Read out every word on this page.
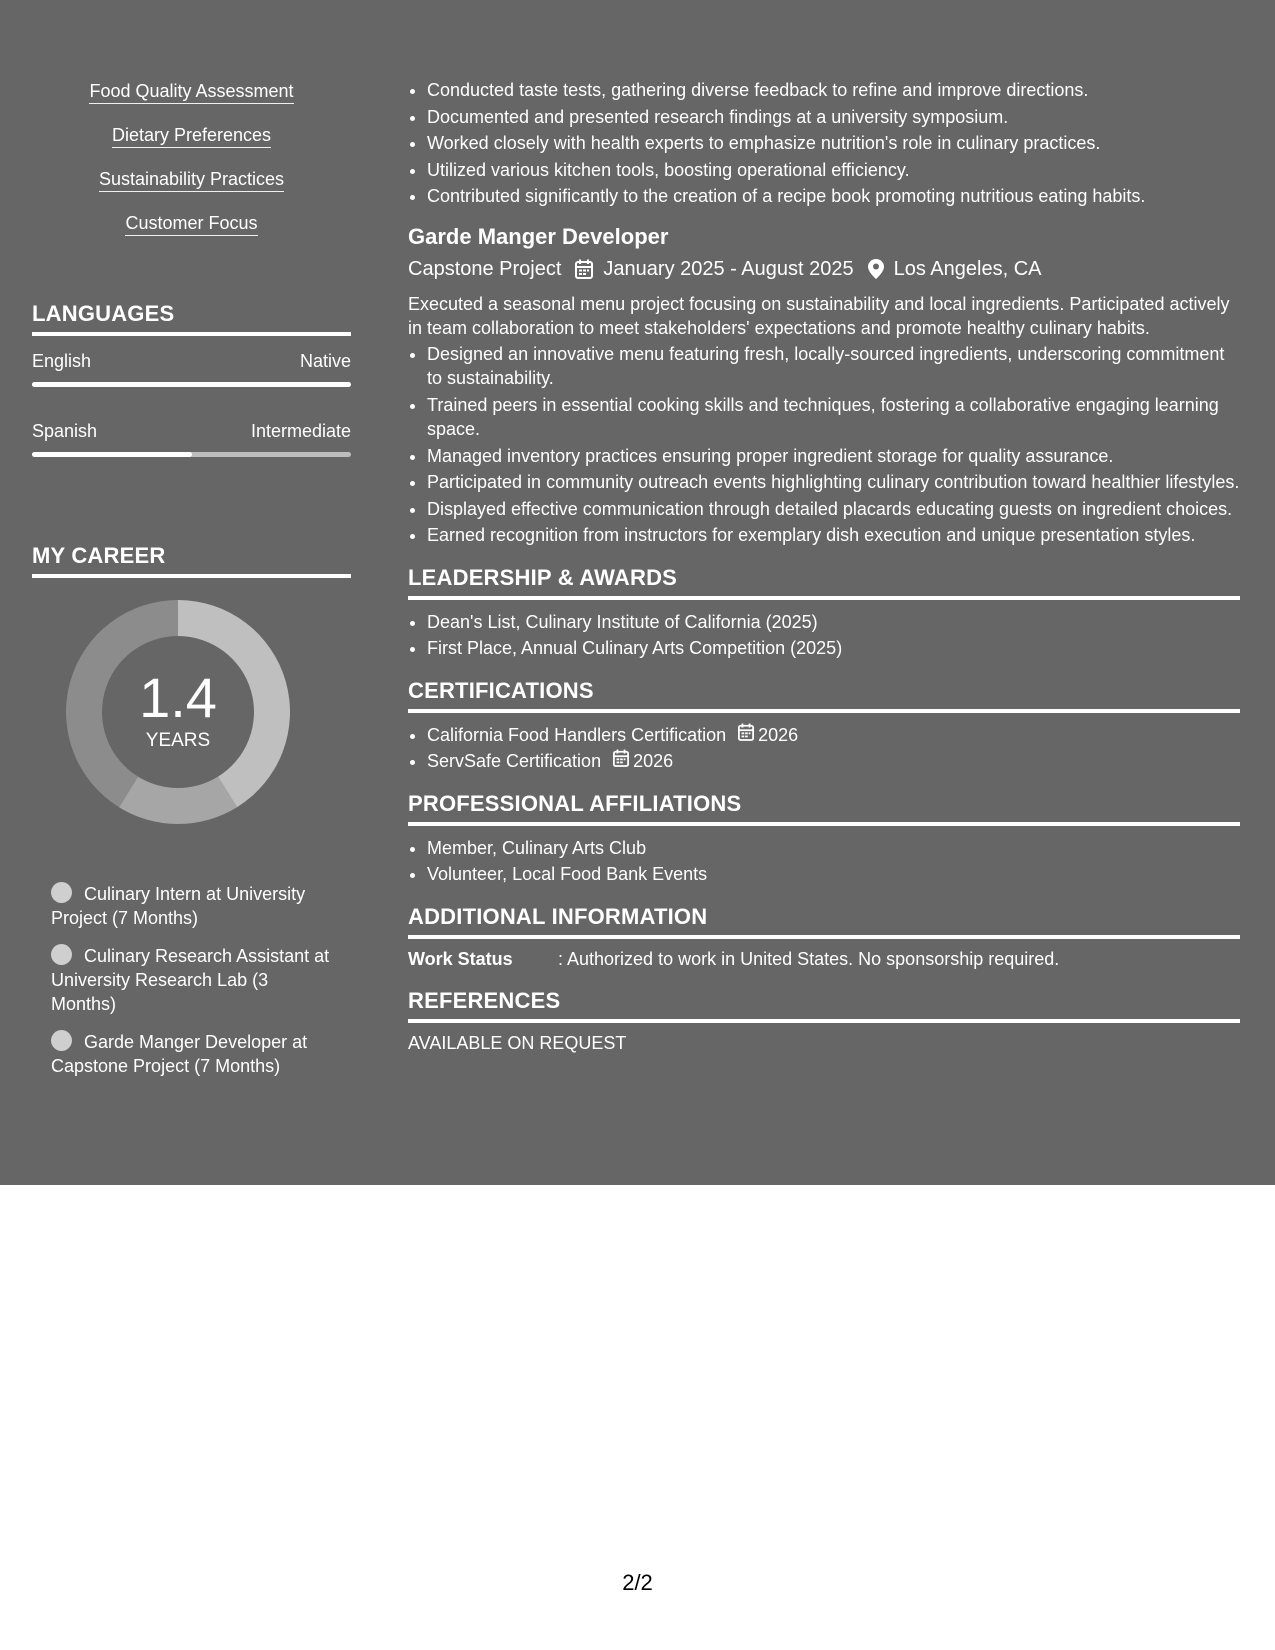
Food Quality Assessment
Dietary Preferences
Sustainability Practices
Customer Focus
LANGUAGES
English	Native
Spanish	Intermediate
MY CAREER
1.4
YEARS
Culinary Intern at University Project (7 Months)
Culinary Research Assistant at University Research Lab (3 Months)
Garde Manger Developer at Capstone Project (7 Months)
• Conducted taste tests, gathering diverse feedback to refine and improve directions.
• Documented and presented research findings at a university symposium.
• Worked closely with health experts to emphasize nutrition's role in culinary practices.
• Utilized various kitchen tools, boosting operational efficiency.
• Contributed significantly to the creation of a recipe book promoting nutritious eating habits.
Garde Manger Developer
Capstone Project January 2025 - August 2025 Los Angeles, CA
Executed a seasonal menu project focusing on sustainability and local ingredients. Participated actively in team collaboration to meet stakeholders' expectations and promote healthy culinary habits.
• Designed an innovative menu featuring fresh, locally-sourced ingredients, underscoring commitment to sustainability.
• Trained peers in essential cooking skills and techniques, fostering a collaborative engaging learning space.
• Managed inventory practices ensuring proper ingredient storage for quality assurance.
• Participated in community outreach events highlighting culinary contribution toward healthier lifestyles.
• Displayed effective communication through detailed placards educating guests on ingredient choices.
• Earned recognition from instructors for exemplary dish execution and unique presentation styles.
LEADERSHIP & AWARDS
• Dean's List, Culinary Institute of California (2025)
• First Place, Annual Culinary Arts Competition (2025)
CERTIFICATIONS
• California Food Handlers Certification 2026
• ServSafe Certification 2026
PROFESSIONAL AFFILIATIONS
• Member, Culinary Arts Club
• Volunteer, Local Food Bank Events
ADDITIONAL INFORMATION
Work Status	: Authorized to work in United States. No sponsorship required.
REFERENCES
AVAILABLE ON REQUEST
2/2
